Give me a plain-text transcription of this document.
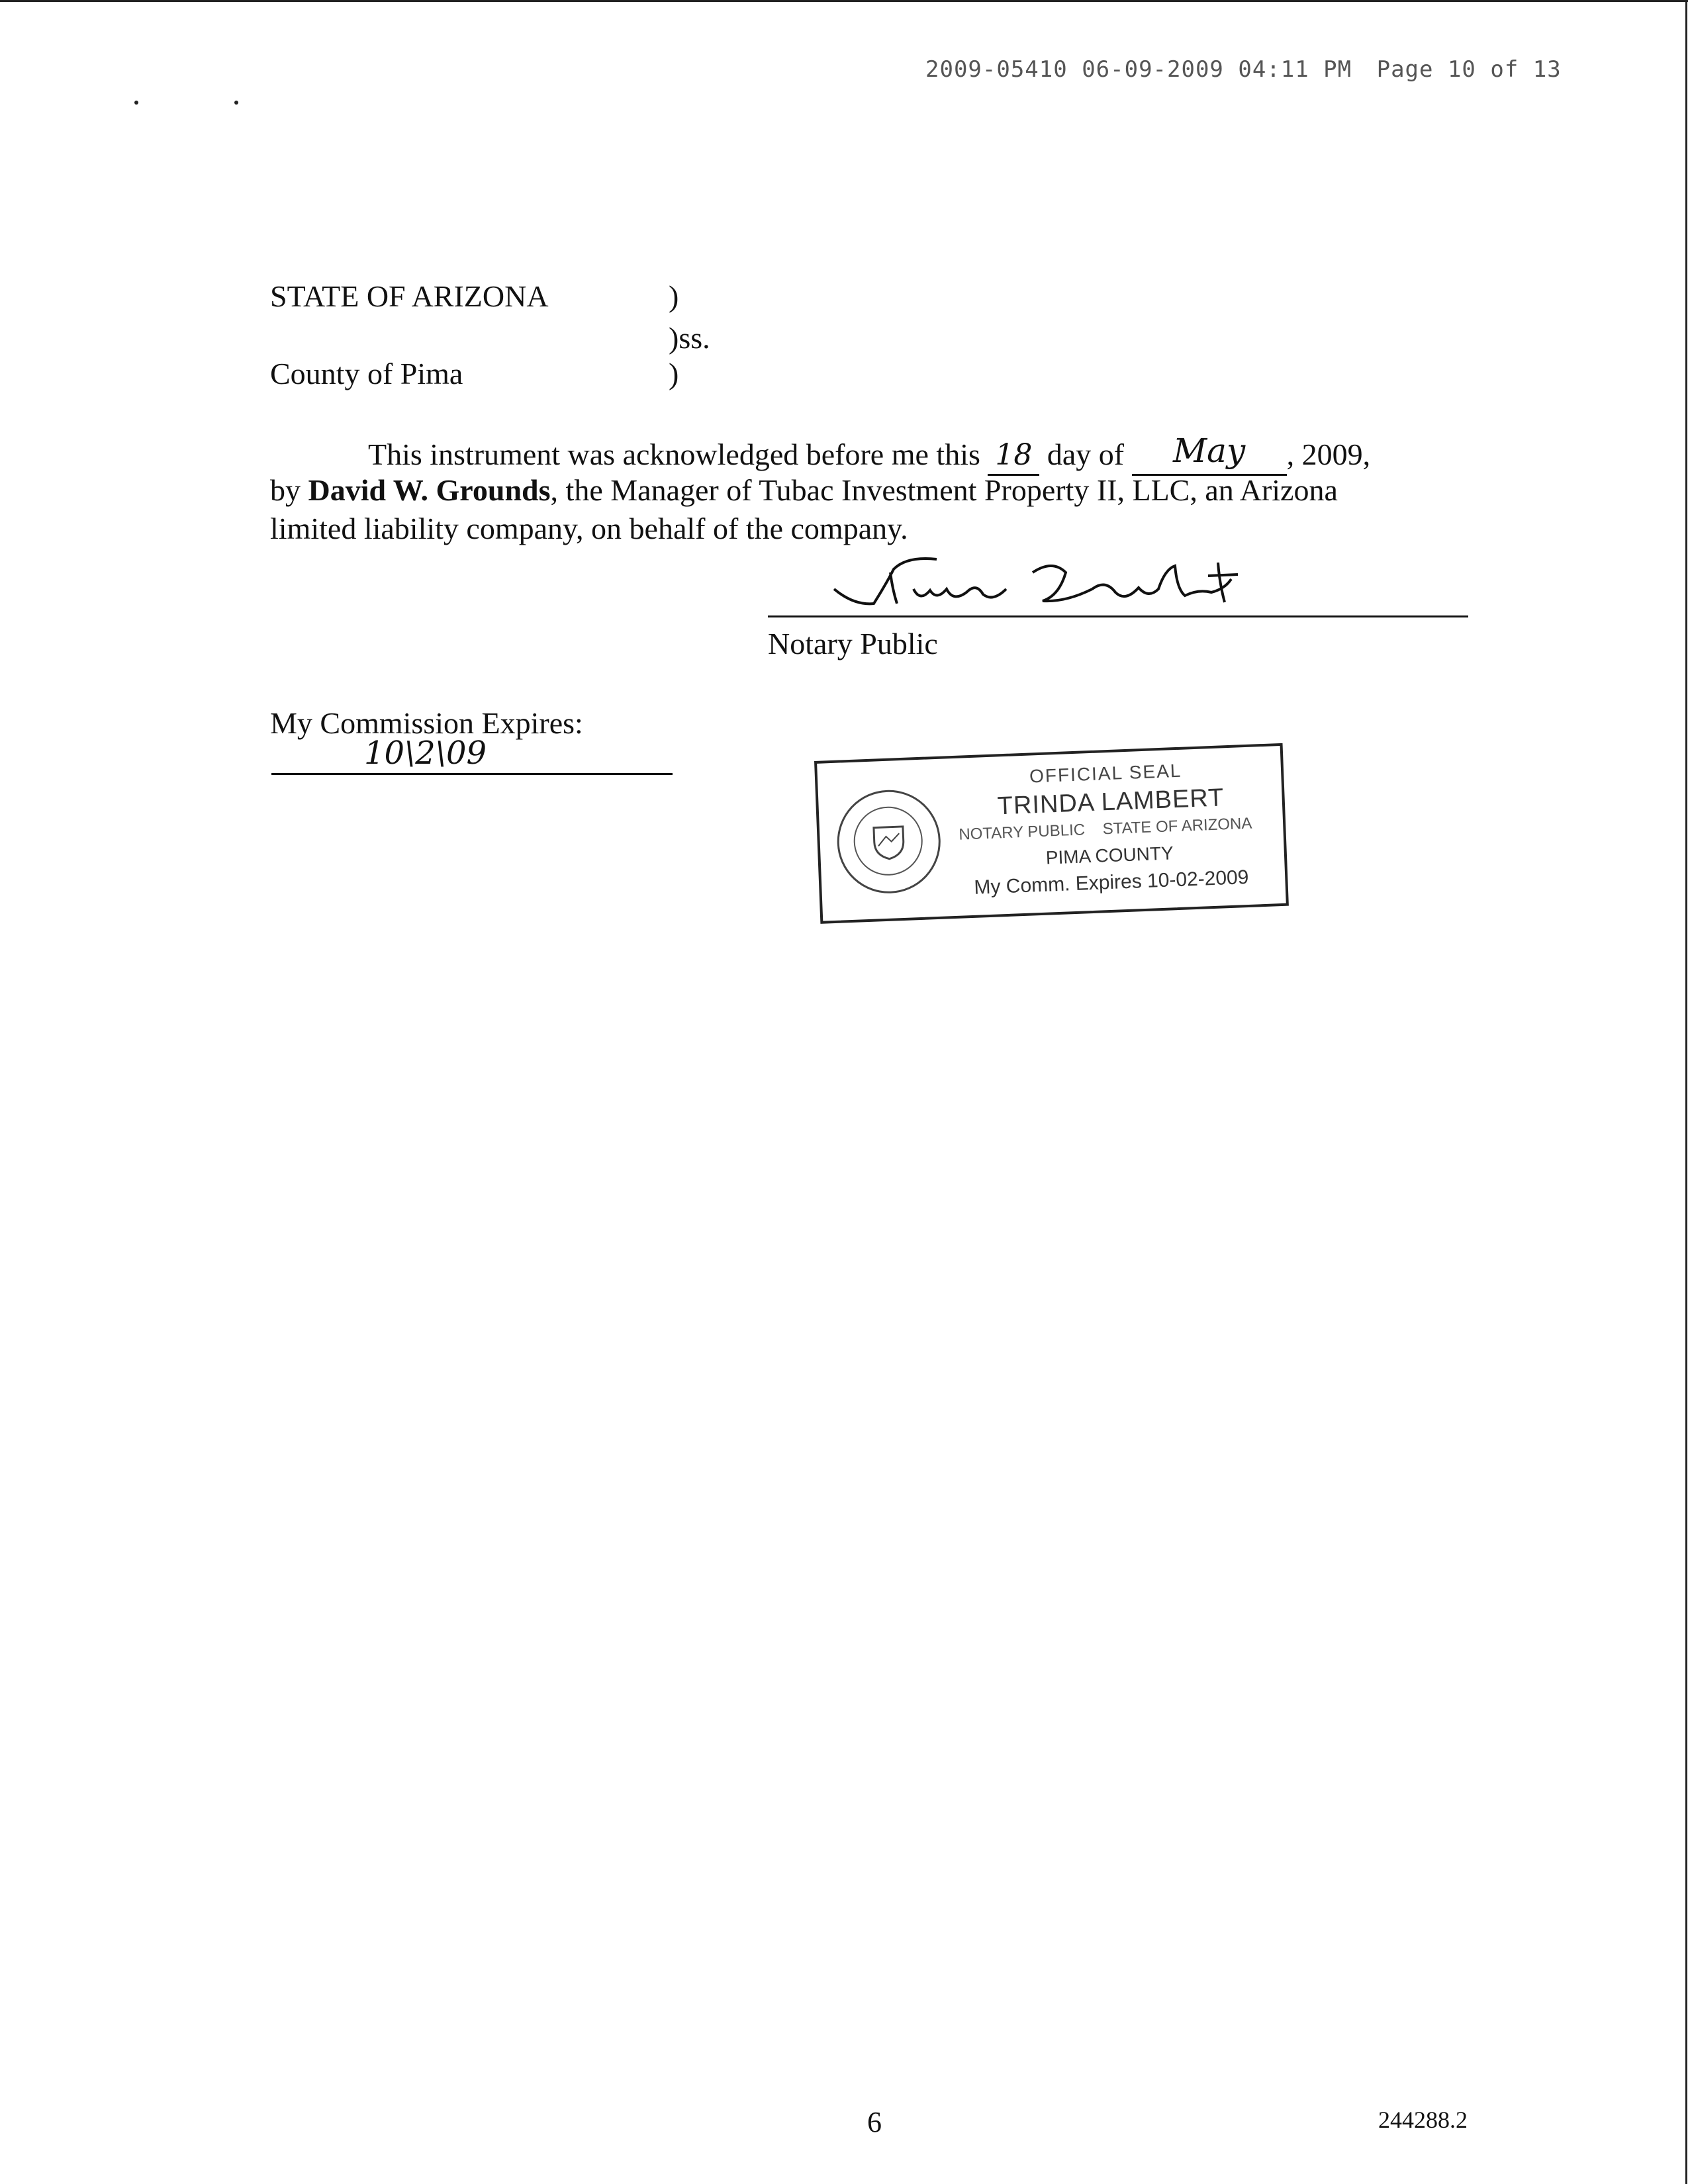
2009-05410 06-09-2009 04:11 PM Page 10 of 13
STATE OF ARIZONA	)
)ss.
County of Pima	)
This instrument was acknowledged before me this 18 day of May , 2009,
by David W. Grounds, the Manager of Tubac Investment Property II, LLC, an Arizona
limited liability company, on behalf of the company.
Notary Public
My Commission Expires:
10\2\09
OFFICIAL SEAL
TRINDA LAMBERT
NOTARY PUBLIC    STATE OF ARIZONA
PIMA COUNTY
My Comm. Expires 10-02-2009
6	244288.2
